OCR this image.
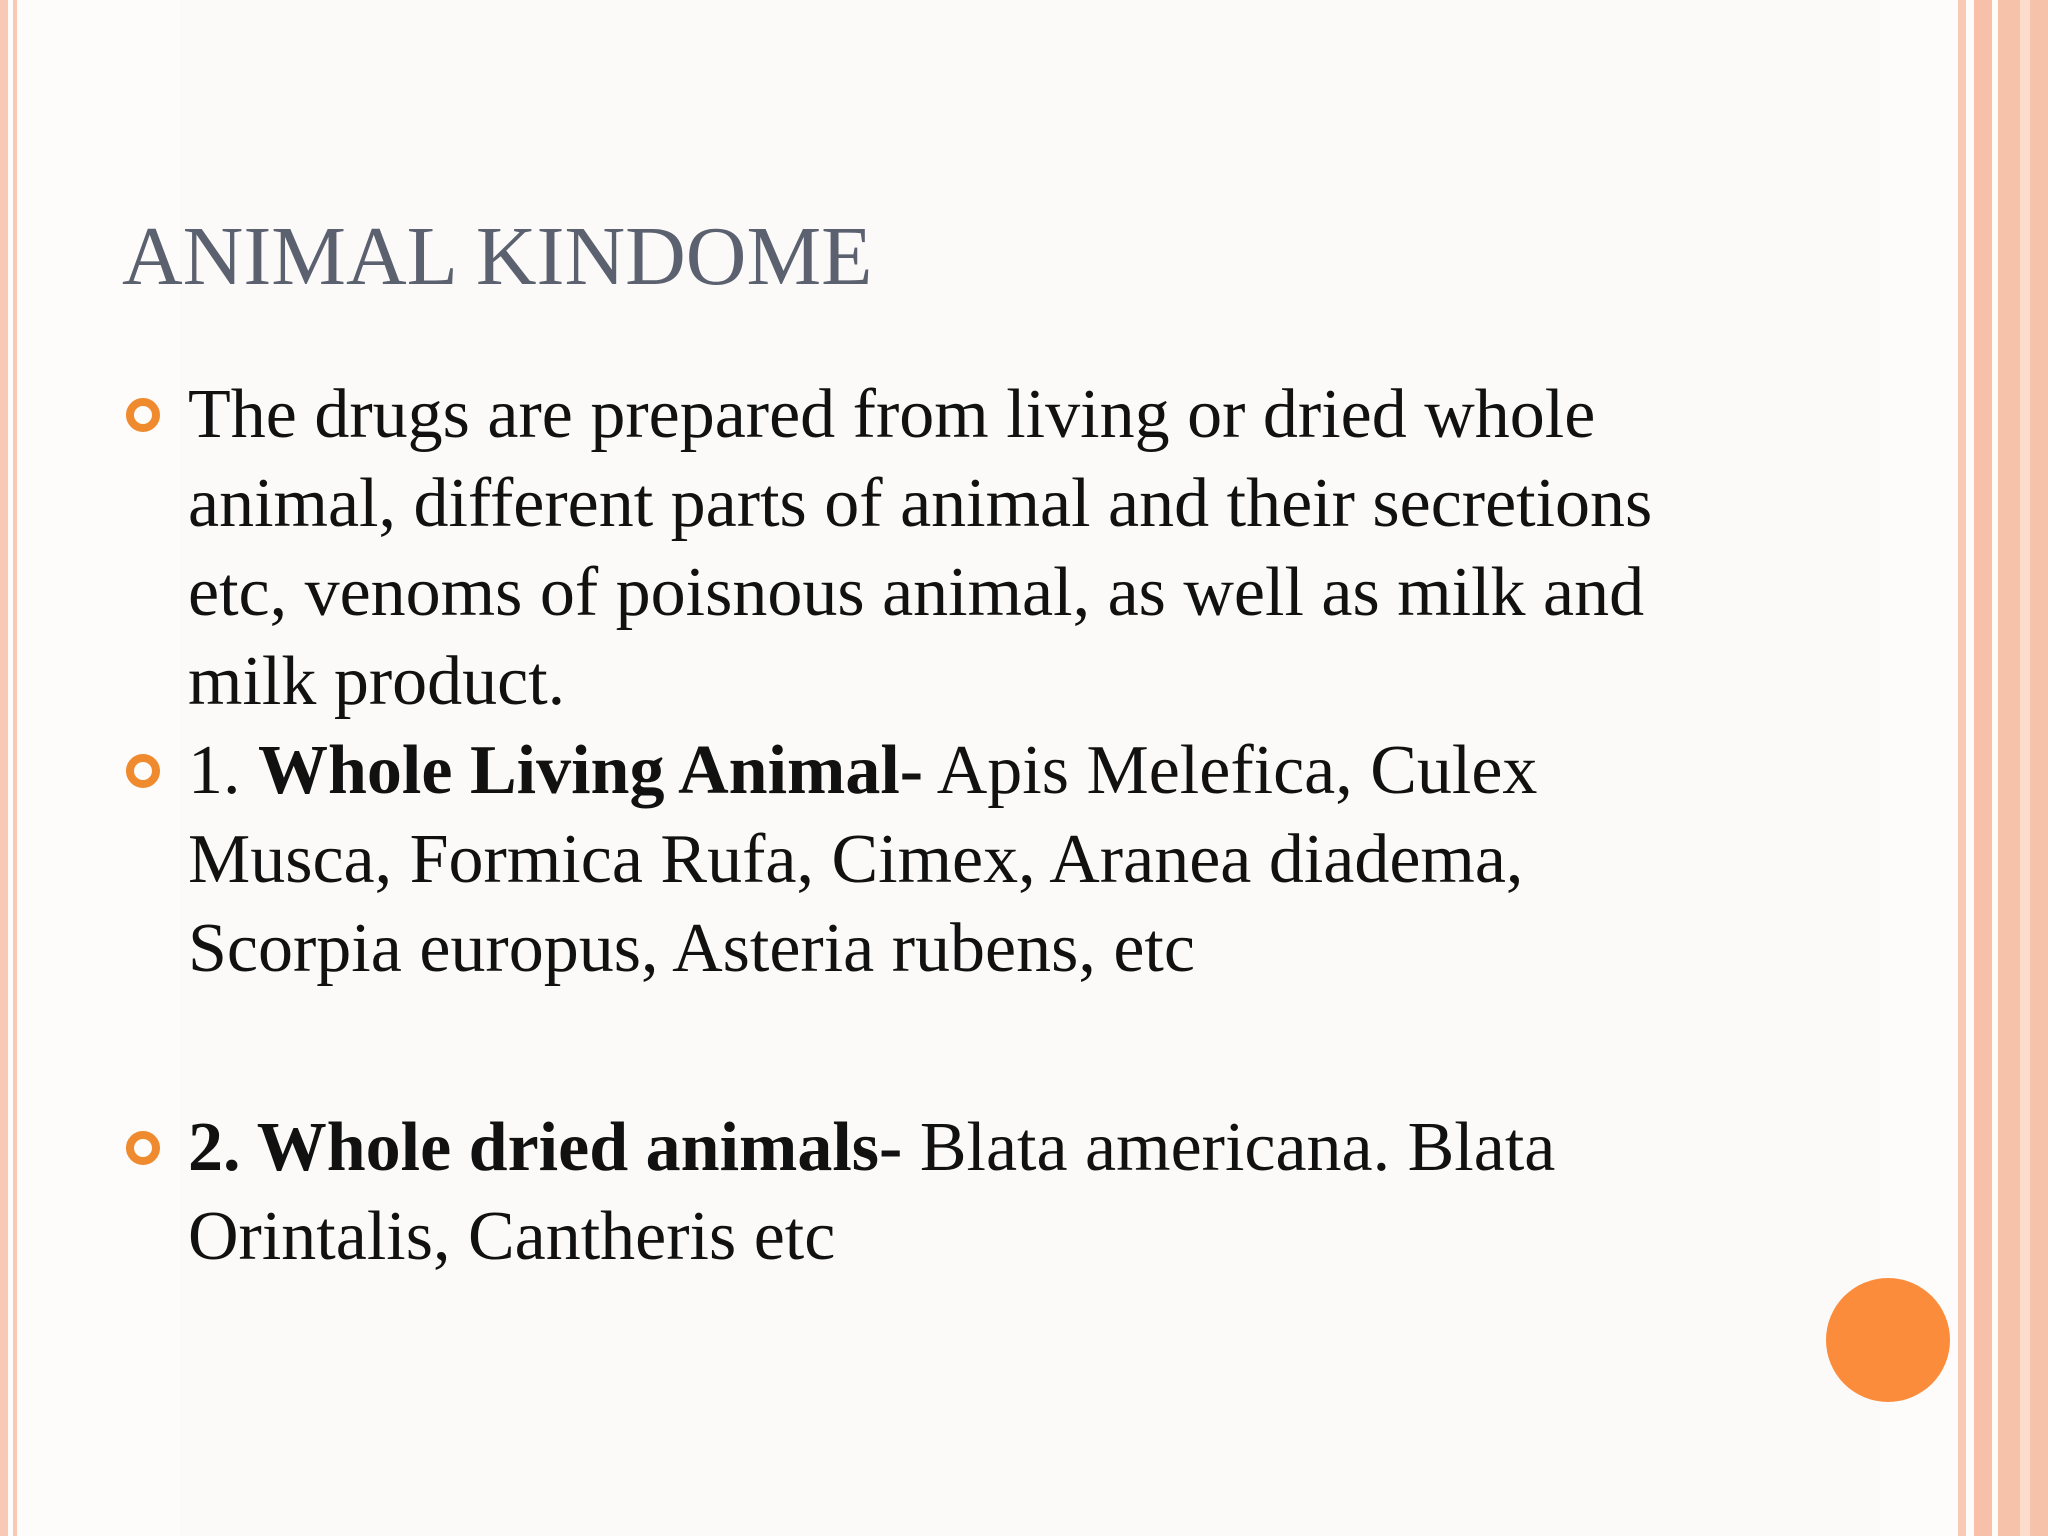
ANIMAL KINDOME
The drugs are prepared from living or dried whole animal, different parts of animal and their secretions etc, venoms of poisnous animal, as well as milk and milk product.
1. Whole Living Animal- Apis Melefica, Culex Musca, Formica Rufa, Cimex, Aranea diadema, Scorpia europus, Asteria rubens, etc
2. Whole dried animals- Blata americana. Blata Orintalis, Cantheris etc
